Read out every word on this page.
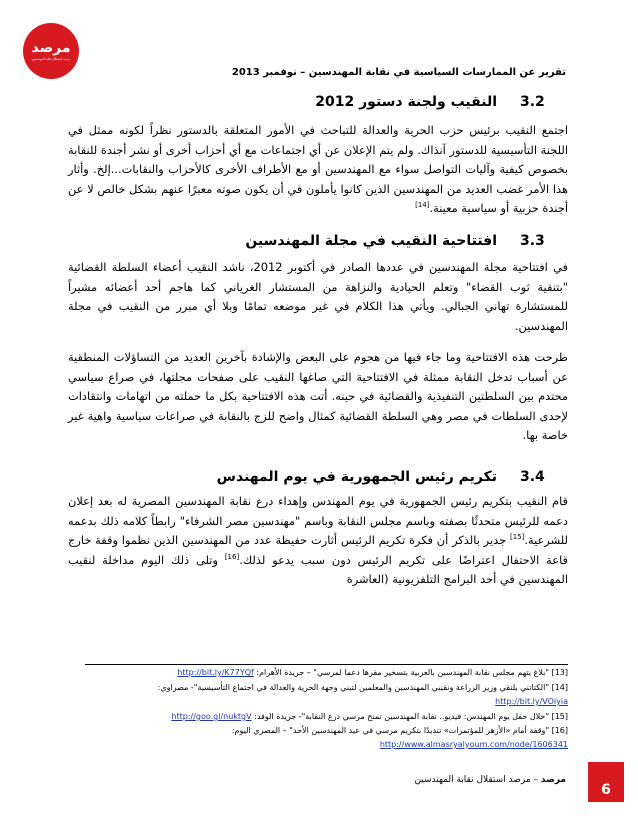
مرصد
مرصد استقلال نقابة المهندسين
تقرير عن الممارسات السياسية في نقابة المهندسين – نوفمبر 2013
3.2
النقيب ولجنة دستور 2012
اجتمع النقيب برئيس حزب الحرية والعدالة للتباحث في الأمور المتعلقة بالدستور نظراً لكونه ممثل في اللجنة التأسيسية للدستور آنذاك. ولم يتم الإعلان عن أي اجتماعات مع أي أحزاب أخرى أو نشر أجندة للنقابة بخصوص كيفية وآليات التواصل سواء مع المهندسين أو مع الأطراف الأخرى كالأحزاب والنقابات...إلخ. وأثار هذا الأمر غضب العديد من المهندسين الذين كانوا يأملون في أن يكون صوته معبرًا عنهم بشكل خالص لا عن أجندة حزبية أو سياسية معينة.[14]
3.3
افتتاحية النقيب في مجلة المهندسين
في افتتاحية مجلة المهندسين في عددها الصادر في أكتوبر 2012، ناشد النقيب أعضاء السلطة القضائية "بتنقية ثوب القضاء" وتعلم الحيادية والنزاهة من المستشار الغرياني كما هاجم أحد أعضائه مشيراً للمستشارة تهاني الجبالي. ويأتي هذا الكلام في غير موضعه تمامًا وبلا أي مبرر من النقيب في مجلة المهندسين.
طرحت هذه الافتتاحية وما جاء فيها من هجوم على البعض والإشادة بآخرين العديد من التساؤلات المنطقية عن أسباب تدخل النقابة ممثلة في الافتتاحية التي صاغها النقيب على صفحات مجلتها، في صراع سياسي محتدم بين السلطتين التنفيذية والقضائية في حينه. أتت هذه الافتتاحية بكل ما حملته من اتهامات وانتقادات لإحدى السلطات في مصر وهي السلطة القضائية كمثال واضح للزج بالنقابة في صراعات سياسية واهية غير خاصة بها.
3.4
تكريم رئيس الجمهورية في يوم المهندس
قام النقيب بتكريم رئيس الجمهورية في يوم المهندس وإهداء درع نقابة المهندسين المصرية له بعد إعلان دعمه للرئيس متحدثًا بصفته وباسم مجلس النقابة وباسم "مهندسين مصر الشرفاء" رابطاً كلامه ذلك بدعمه للشرعية.[15] جدير بالذكر أن فكرة تكريم الرئيس أثارت حفيظة عدد من المهندسين الذين نظموا وقفة خارج قاعة الاحتفال اعتراضًا على تكريم الرئيس دون سبب يدعو لذلك.[16] وتلى ذلك اليوم مداخلة لنقيب المهندسين في أحد البرامج التلفزيونية (العاشرة
[13] "بلاغ يتهم مجلس نقابة المهندسين بالعربية بتسخير مقرها دعما لمرسي" – جريدة الأهرام: http://bit.ly/K77YQf
[14] "الكتاتني يلتقي وزير الزراعة ونقيبي المهندسين والمعلمين لتبني وجهة الحرية والعدالة في اجتماع التأسيسية"- مصراوي:
http://bit.ly/VOiyia
[15] "خلال حفل يوم المهندس: فيديو.. نقابة المهندسين تمنح مرسي درع النقابة"- جريدة الوفد: http://goo.gl/nuktgV
[16] "وقفة أمام «الأزهر للمؤتمرات» تنديدًا بتكريم مرسي في عيد المهندسين الأحد" – المصري اليوم:
http://www.almasryalyoum.com/node/1606341
مرصد – مرصد استقلال نقابة المهندسين
6
